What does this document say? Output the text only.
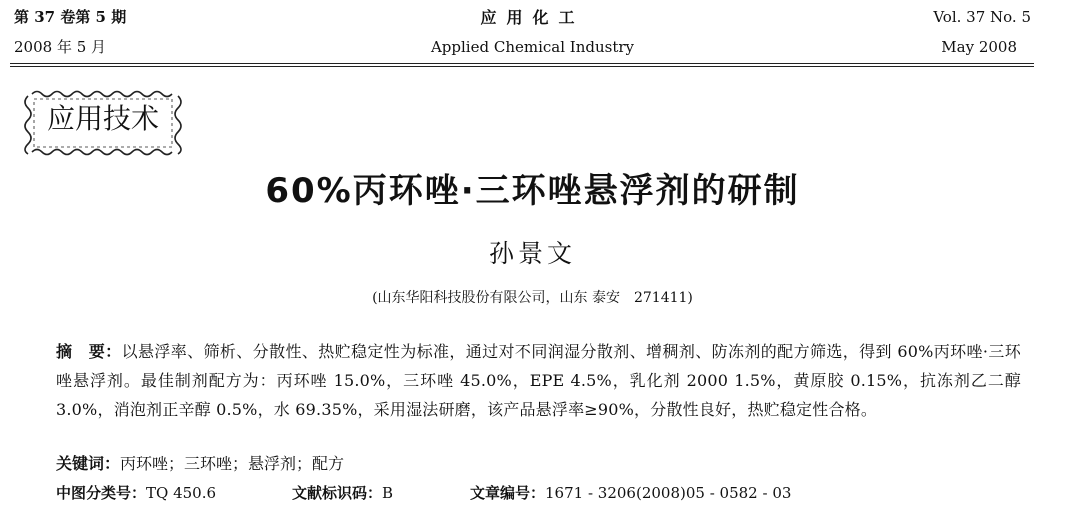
第 37 卷第 5 期	应用化工	Vol. 37 No. 5
2008 年 5 月	Applied Chemical Industry	May 2008
应用技术
60%丙环唑·三环唑悬浮剂的研制
孙景文
(山东华阳科技股份有限公司，山东 泰安　271411)
摘　要：以悬浮率、筛析、分散性、热贮稳定性为标准，通过对不同润湿分散剂、增稠剂、防冻剂的配方筛选，得到 60%丙环唑·三环唑悬浮剂。最佳制剂配方为：丙环唑 15.0%，三环唑 45.0%，EPE 4.5%，乳化剂 2000 1.5%，黄原胶 0.15%，抗冻剂乙二醇 3.0%，消泡剂正辛醇 0.5%，水 69.35%，采用湿法研磨，该产品悬浮率≥90%，分散性良好，热贮稳定性合格。
关键词：丙环唑；三环唑；悬浮剂；配方
中图分类号：TQ 450.6	文献标识码：B	文章编号：1671 - 3206(2008)05 - 0582 - 03
